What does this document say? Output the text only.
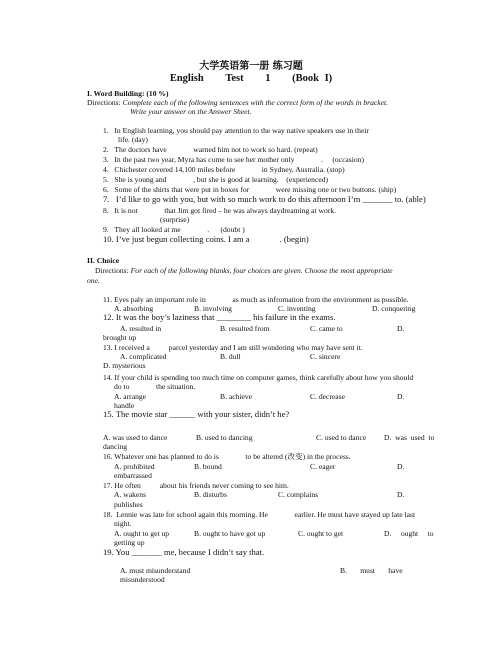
大学英语第一册 练习题
English Test 1 (Book I)
I. Word Building: (10 %)
Directions: Complete each of the following sentences with the correct form of the words in bracket.
Write your answer on the Answer Sheet.
1. In English learning, you should pay attention to the way native speakers use in their
life. (day)
2. The doctors have              warned him not to work so hard. (repeat)
3. In the past two year, Myra has come to see her mother only              .     (occasion)
4. Chichester covered 14,100 miles before              in Sydney, Australia. (stop)
5. She is young and              , but she is good at learning.    (experienced)
6. Some of the shirts that were put in boxes for              were missing one or two buttons. (ship)
7. I’d like to go with you, but with so much work to do this afternoon I’m _______ to. (able)
8. It is not              that Jim got fired – he was always daydreaming at work.
(surprise)
9. They all looked at me              .      (doubt )
10. I’ve just begun collecting coins. I am a              . (begin)
II. Choice
Directions: For each of the following blanks, four choices are given. Choose the most appropriate
one.
11. Eyes paly an important role in              as much as infromation from the environment as possible.
A. absorbing	B. involving	C. inventing	D. conquering
12. It was the boy’s laziness that ________ his failure in the exams.
A. resulted in	B. resulted from	C. came to	D.
brought up
13. I received a          parcel yesterday and I am still wondering who may have sent it.
A. complicated	B. dull	C. sincere
D. mysterious
14. If your child is spending too much time on computer games, think carefully about how you should
do to              the situation.
A. arrange	B. achieve	C. decrease	D.
handle
15. The movie star ______ with your sister, didn’t he?
A. was used to dance	B. used to dancing	C. used to dance D.  was  used  to
dancing
16. Whatever one has planned to do is              to be altered (改变) in the process.
A. prohibited	B. bound	C. eager	D.
embarrassed
17. He often          about his friends never coming to see him.
A. wakens	B. disturbs	C. complains	D.
publishes
18.  Lennie was late for school again this morning. He              earlier. He must have stayed up late last
night.
A. ought to get up	B. ought to have got up	C. ought to get	D.     ought     to
getting up
19. You _______ me, because I didn’t say that.
A. must misunderstand	B.       must       have
misunderstood
